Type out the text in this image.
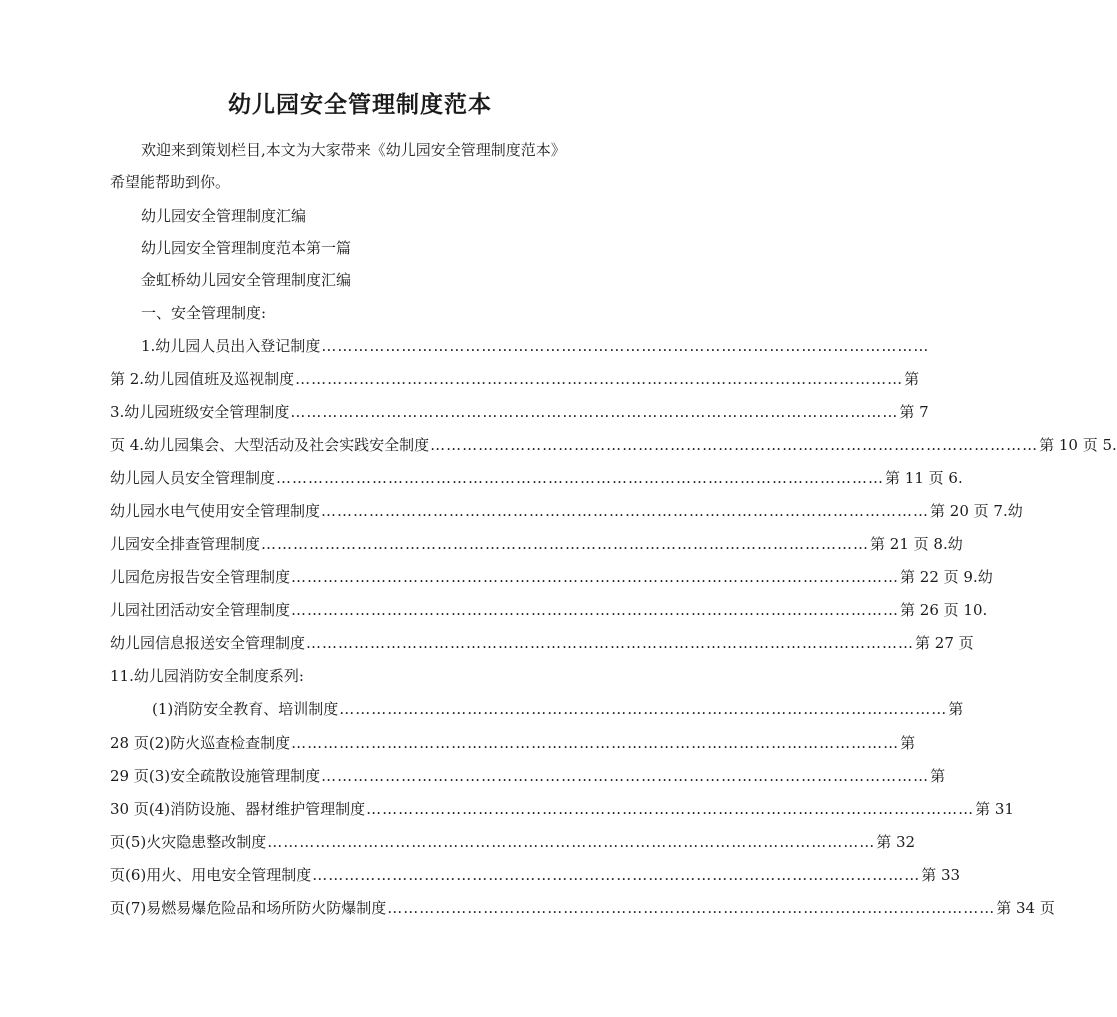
幼儿园安全管理制度范本
欢迎来到策划栏目,本文为大家带来《幼儿园安全管理制度范本》
希望能帮助到你。
幼儿园安全管理制度汇编
幼儿园安全管理制度范本第一篇
金虹桥幼儿园安全管理制度汇编
一、安全管理制度:
1.幼儿园人员出入登记制度 ……………………………………………………………………………………………………
第 2.幼儿园值班及巡视制度 …………………………………………………………………………………………………… 第
3.幼儿园班级安全管理制度 …………………………………………………………………………………………………… 第 7
页 4.幼儿园集会、大型活动及社会实践安全制度 …………………………………………………………………………………………………… 第 10 页 5.
幼儿园人员安全管理制度 …………………………………………………………………………………………………… 第 11 页 6.
幼儿园水电气使用安全管理制度 …………………………………………………………………………………………………… 第 20 页 7.幼
儿园安全排查管理制度 …………………………………………………………………………………………………… 第 21 页 8.幼
儿园危房报告安全管理制度 …………………………………………………………………………………………………… 第 22 页 9.幼
儿园社团活动安全管理制度 …………………………………………………………………………………………………… 第 26 页 10.
幼儿园信息报送安全管理制度 …………………………………………………………………………………………………… 第 27 页
11.幼儿园消防安全制度系列:
(1)消防安全教育、培训制度 …………………………………………………………………………………………………… 第
28 页(2)防火巡查检查制度 …………………………………………………………………………………………………… 第
29 页(3)安全疏散设施管理制度 …………………………………………………………………………………………………… 第
30 页(4)消防设施、器材维护管理制度 …………………………………………………………………………………………………… 第 31
页(5)火灾隐患整改制度 …………………………………………………………………………………………………… 第 32
页(6)用火、用电安全管理制度 …………………………………………………………………………………………………… 第 33
页(7)易燃易爆危险品和场所防火防爆制度 …………………………………………………………………………………………………… 第 34 页
